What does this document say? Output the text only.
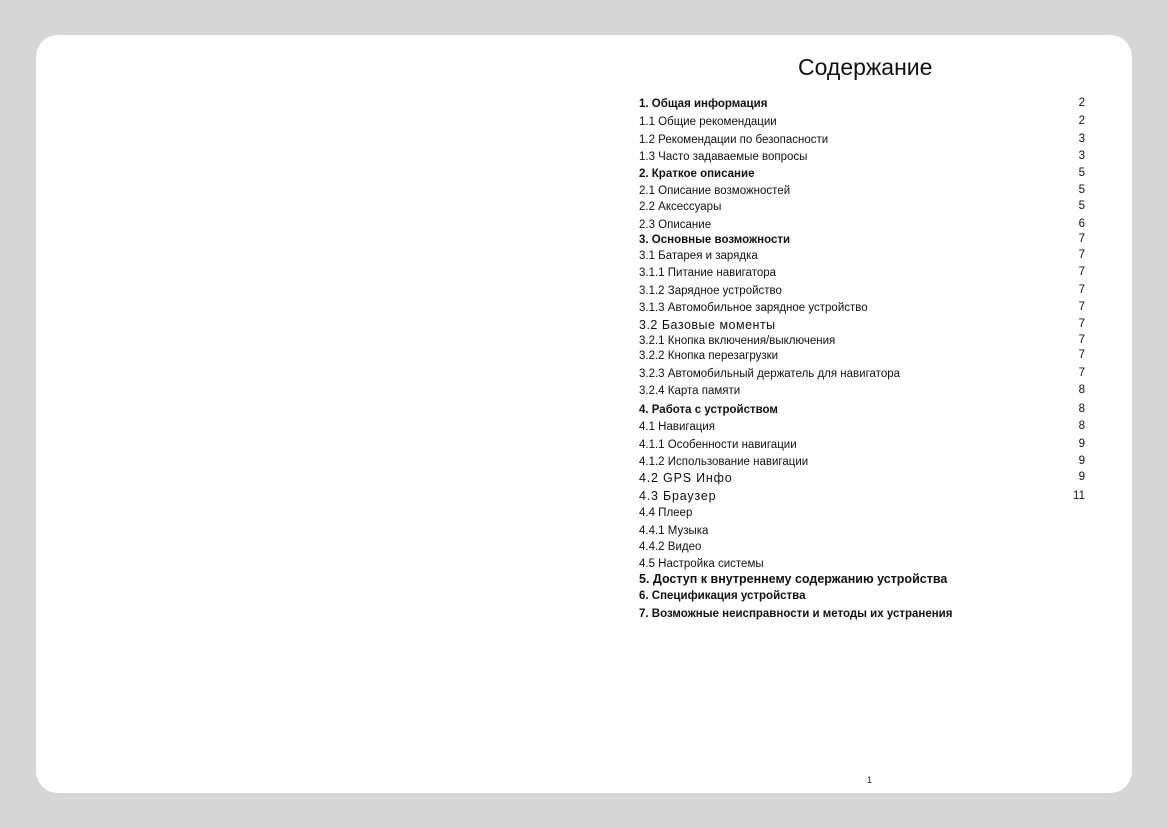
Содержание
1. Общая информация	2
1.1 Общие рекомендации	2
1.2 Рекомендации по безопасности	3
1.3 Часто задаваемые вопросы	3
2. Краткое описание	5
2.1 Описание возможностей	5
2.2 Аксессуары	5
2.3 Описание	6
3. Основные возможности	7
3.1 Батарея и зарядка	7
3.1.1 Питание навигатора	7
3.1.2 Зарядное устройство	7
3.1.3 Автомобильное зарядное устройство	7
3.2 Базовые моменты	7
3.2.1 Кнопка включения/выключения	7
3.2.2 Кнопка перезагрузки	7
3.2.3 Автомобильный держатель для навигатора	7
3.2.4 Карта памяти	8
4. Работа с устройством	8
4.1 Навигация	8
4.1.1 Особенности навигации	9
4.1.2 Использование навигации	9
4.2 GPS Инфо	9
4.3 Браузер	11
4.4 Плеер
4.4.1 Музыка
4.4.2 Видео
4.5 Настройка системы
5. Доступ к внутреннему содержанию устройства
6. Спецификация устройства
7. Возможные неисправности и методы их устранения
1
